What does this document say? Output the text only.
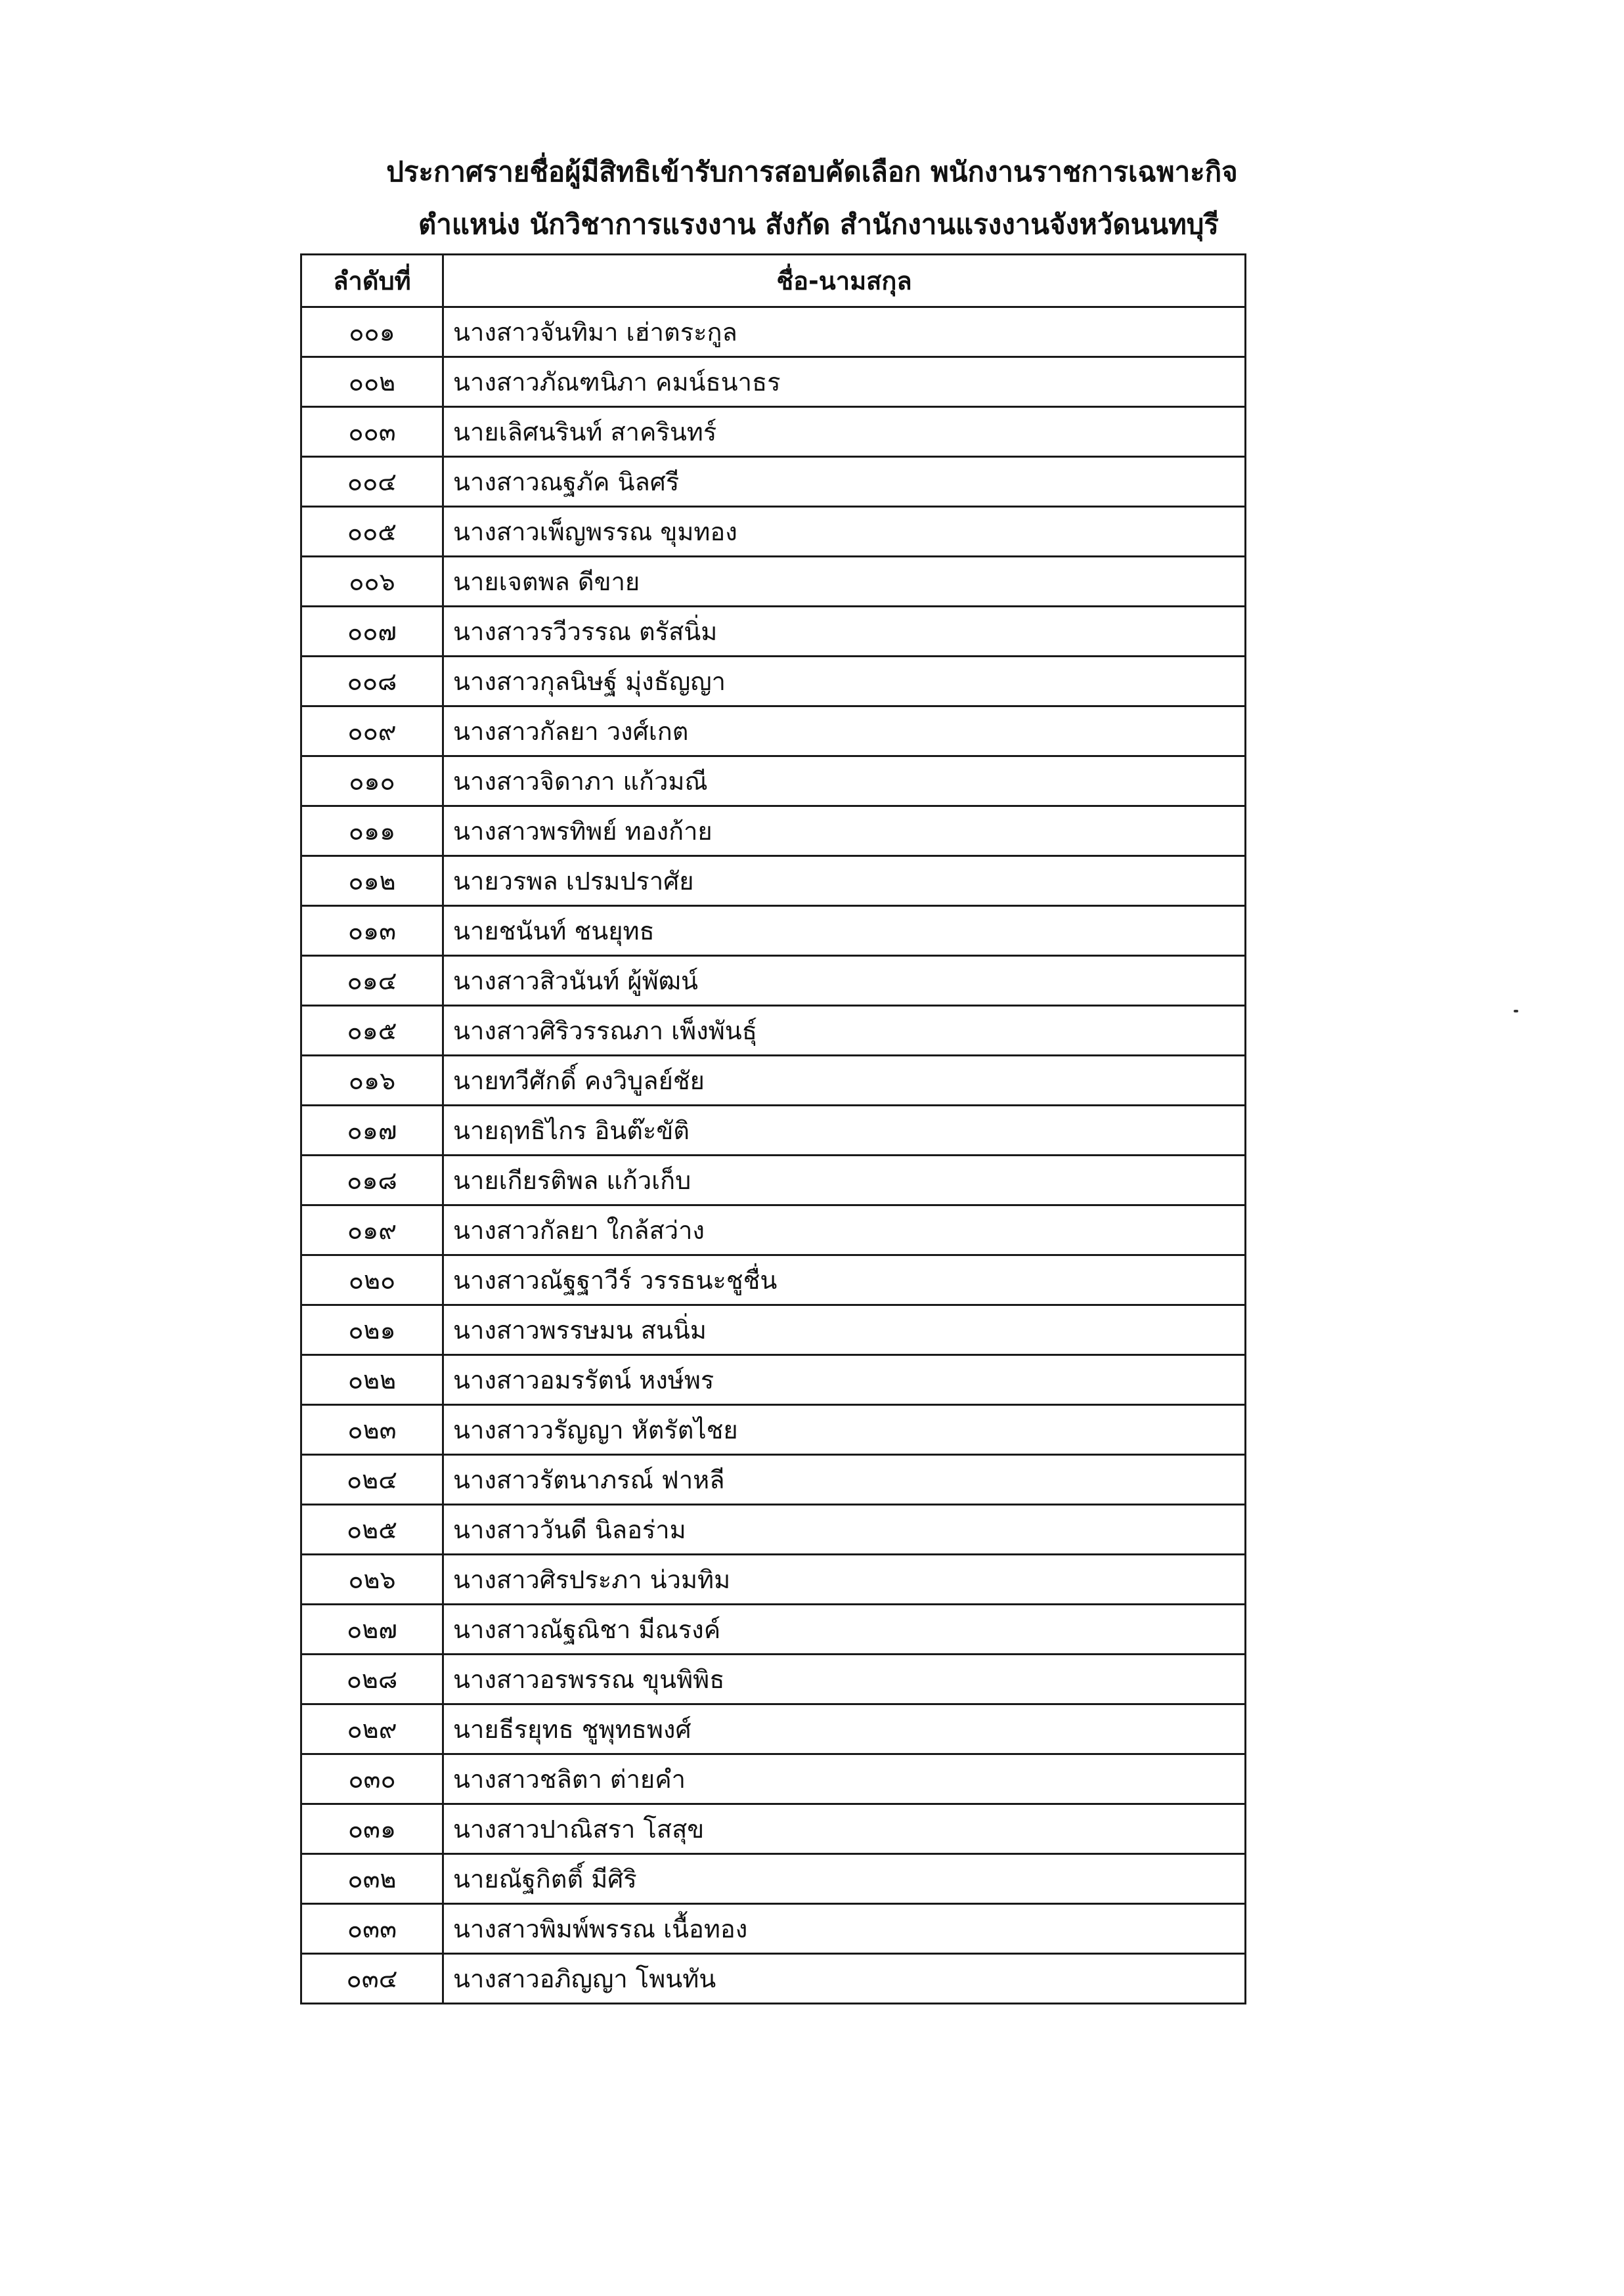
ประกาศรายชื่อผู้มีสิทธิเข้ารับการสอบคัดเลือก พนักงานราชการเฉพาะกิจ
ตำแหน่ง นักวิชาการแรงงาน สังกัด สำนักงานแรงงานจังหวัดนนทบุรี
ลำดับที่	ชื่อ-นามสกุล
๐๐๑	นางสาวจันทิมา เฮ่าตระกูล
๐๐๒	นางสาวภัณฑนิภา คมน์ธนาธร
๐๐๓	นายเลิศนรินท์ สาครินทร์
๐๐๔	นางสาวณฐภัค นิลศรี
๐๐๕	นางสาวเพ็ญพรรณ ขุมทอง
๐๐๖	นายเจตพล ดีขาย
๐๐๗	นางสาวรวีวรรณ ตรัสนิ่ม
๐๐๘	นางสาวกุลนิษฐ์ มุ่งธัญญา
๐๐๙	นางสาวกัลยา วงศ์เกต
๐๑๐	นางสาวจิดาภา แก้วมณี
๐๑๑	นางสาวพรทิพย์ ทองก้าย
๐๑๒	นายวรพล เปรมปราศัย
๐๑๓	นายชนันท์ ชนยุทธ
๐๑๔	นางสาวสิวนันท์ ผู้พัฒน์
๐๑๕	นางสาวศิริวรรณภา เพ็งพันธุ์
๐๑๖	นายทวีศักดิ์ คงวิบูลย์ชัย
๐๑๗	นายฤทธิไกร อินต๊ะขัติ
๐๑๘	นายเกียรติพล แก้วเก็บ
๐๑๙	นางสาวกัลยา ใกล้สว่าง
๐๒๐	นางสาวณัฐฐาวีร์ วรรธนะชูชื่น
๐๒๑	นางสาวพรรษมน สนนิ่ม
๐๒๒	นางสาวอมรรัตน์ หงษ์พร
๐๒๓	นางสาววรัญญา หัตรัตไชย
๐๒๔	นางสาวรัตนาภรณ์ ฟาหลี
๐๒๕	นางสาววันดี นิลอร่าม
๐๒๖	นางสาวศิรประภา น่วมทิม
๐๒๗	นางสาวณัฐณิชา มีณรงค์
๐๒๘	นางสาวอรพรรณ ขุนพิพิธ
๐๒๙	นายธีรยุทธ ชูพุทธพงศ์
๐๓๐	นางสาวชลิตา ต่ายคำ
๐๓๑	นางสาวปาณิสรา โสสุข
๐๓๒	นายณัฐกิตติ์ มีศิริ
๐๓๓	นางสาวพิมพ์พรรณ เนื้อทอง
๐๓๔	นางสาวอภิญญา โพนทัน
